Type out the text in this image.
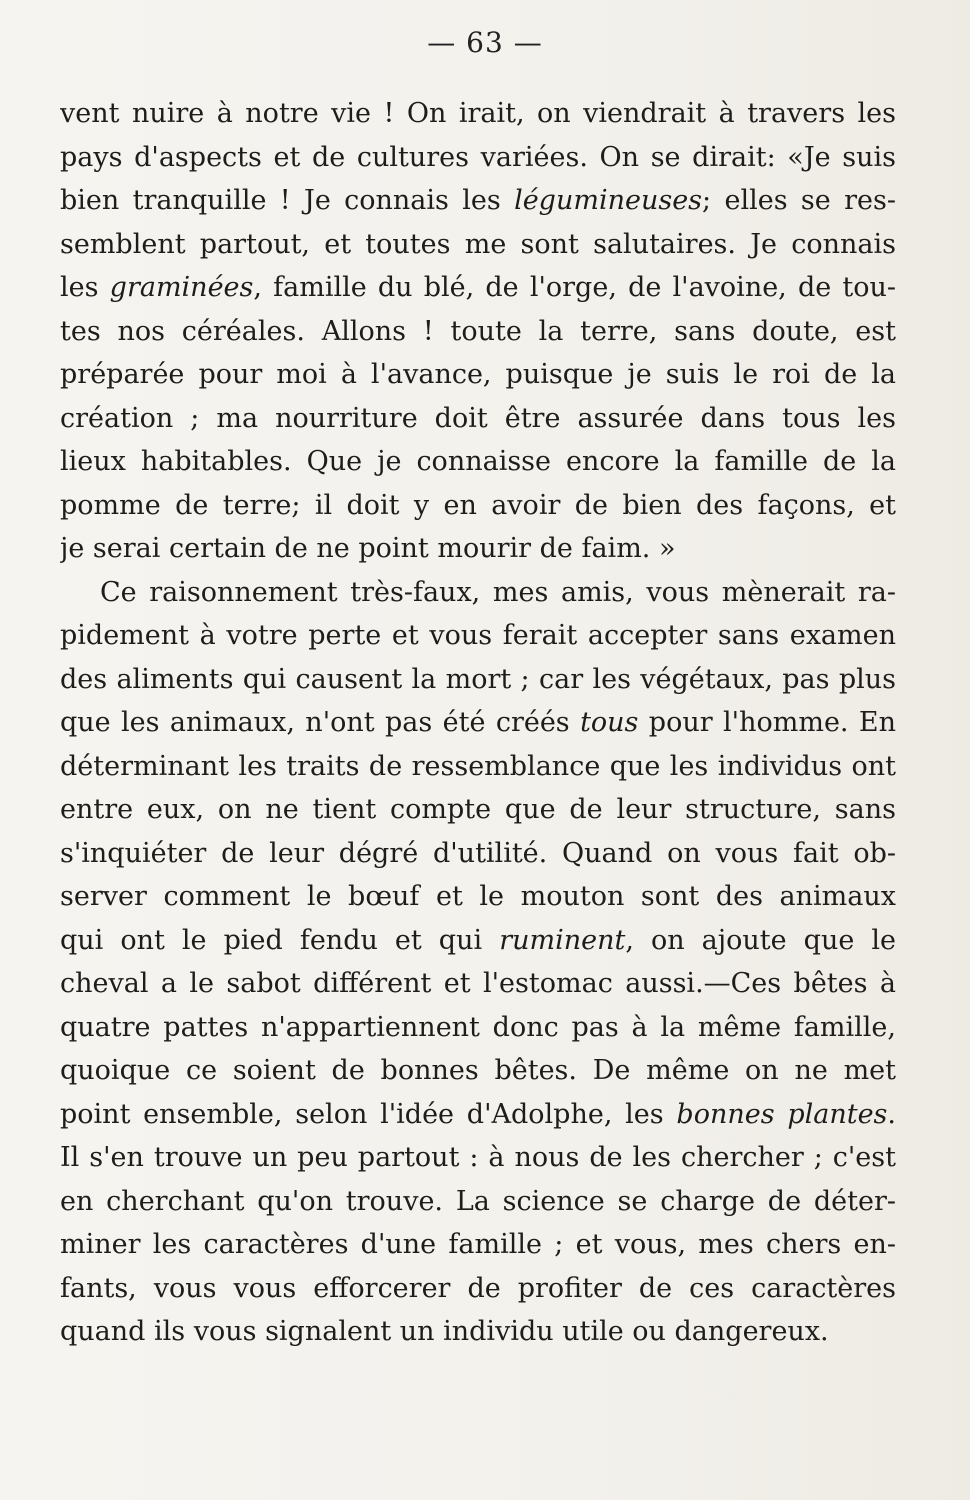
— 63 —
vent nuire à notre vie ! On irait, on viendrait à travers les
pays d'aspects et de cultures variées. On se dirait: «Je suis
bien tranquille ! Je connais les légumineuses; elles se res-
semblent partout, et toutes me sont salutaires. Je connais
les graminées, famille du blé, de l'orge, de l'avoine, de tou-
tes nos céréales. Allons ! toute la terre, sans doute, est
préparée pour moi à l'avance, puisque je suis le roi de la
création ; ma nourriture doit être assurée dans tous les
lieux habitables. Que je connaisse encore la famille de la
pomme de terre; il doit y en avoir de bien des façons, et
je serai certain de ne point mourir de faim. »
Ce raisonnement très-faux, mes amis, vous mènerait ra-
pidement à votre perte et vous ferait accepter sans examen
des aliments qui causent la mort ; car les végétaux, pas plus
que les animaux, n'ont pas été créés tous pour l'homme. En
déterminant les traits de ressemblance que les individus ont
entre eux, on ne tient compte que de leur structure, sans
s'inquiéter de leur dégré d'utilité. Quand on vous fait ob-
server comment le bœuf et le mouton sont des animaux
qui ont le pied fendu et qui ruminent, on ajoute que le
cheval a le sabot différent et l'estomac aussi.—Ces bêtes à
quatre pattes n'appartiennent donc pas à la même famille,
quoique ce soient de bonnes bêtes. De même on ne met
point ensemble, selon l'idée d'Adolphe, les bonnes plantes.
Il s'en trouve un peu partout : à nous de les chercher ; c'est
en cherchant qu'on trouve. La science se charge de déter-
miner les caractères d'une famille ; et vous, mes chers en-
fants, vous vous efforcerer de profiter de ces caractères
quand ils vous signalent un individu utile ou dangereux.
